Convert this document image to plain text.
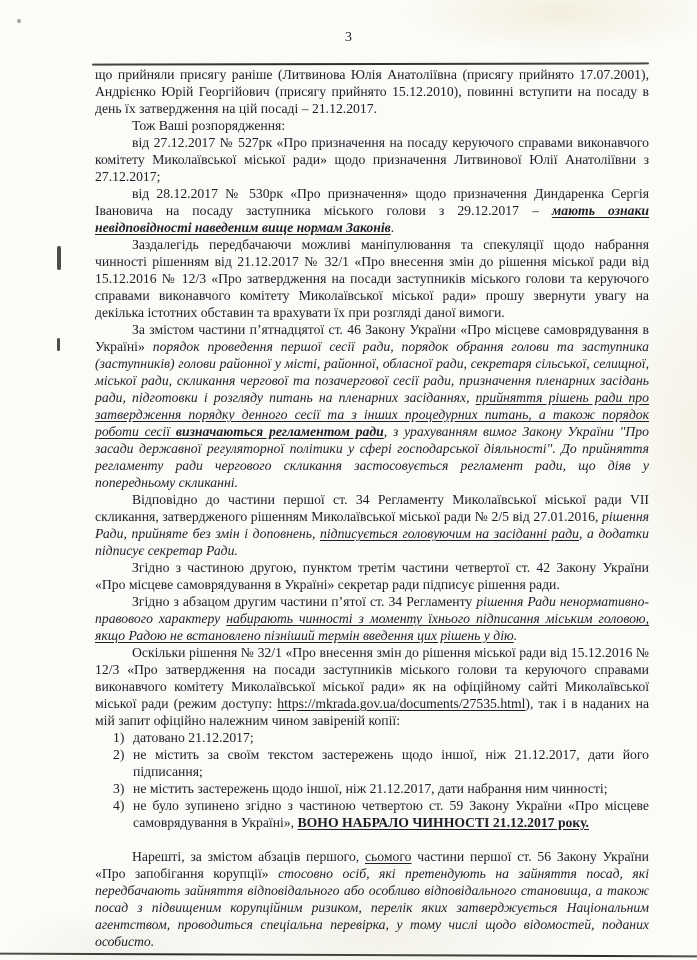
3

що прийняли присягу раніше (Литвинова Юлія Анатоліївна (присягу прийнято 17.07.2001), Андрієнко Юрій Георгійович (присягу прийнято 15.12.2010), повинні вступити на посаду в день їх затвердження на цій посаді – 21.12.2017.

Тож Ваші розпорядження:

від 27.12.2017 № 527рк «Про призначення на посаду керуючого справами виконавчого комітету Миколаївської міської ради» щодо призначення Литвинової Юлії Анатоліївни з 27.12.2017;

від 28.12.2017 № 530рк «Про призначення» щодо призначення Диндаренка Сергія Івановича на посаду заступника міського голови з 29.12.2017 – мають ознаки невідповідності наведеним вище нормам Законів.

Заздалегідь передбачаючи можливі маніпулювання та спекуляції щодо набрання чинності рішенням від 21.12.2017 № 32/1 «Про внесення змін до рішення міської ради від 15.12.2016 № 12/3 «Про затвердження на посади заступників міського голови та керуючого справами виконавчого комітету Миколаївської міської ради» прошу звернути увагу на декілька істотних обставин та врахувати їх при розгляді даної вимоги.

За змістом частини п’ятнадцятої ст. 46 Закону України «Про місцеве самоврядування в Україні» порядок проведення першої сесії ради, порядок обрання голови та заступника (заступників) голови районної у місті, районної, обласної ради, секретаря сільської, селищної, міської ради, скликання чергової та позачергової сесії ради, призначення пленарних засідань ради, підготовки і розгляду питань на пленарних засіданнях, прийняття рішень ради про затвердження порядку денного сесії та з інших процедурних питань, а також порядок роботи сесії визначаються регламентом ради, з урахуванням вимог Закону України "Про засади державної регуляторної політики у сфері господарської діяльності". До прийняття регламенту ради чергового скликання застосовується регламент ради, що діяв у попередньому скликанні.

Відповідно до частини першої ст. 34 Регламенту Миколаївської міської ради VII скликання, затвердженого рішенням Миколаївської міської ради № 2/5 від 27.01.2016, рішення Ради, прийняте без змін і доповнень, підписується головуючим на засіданні ради, а додатки підписує секретар Ради.

Згідно з частиною другою, пунктом третім частини четвертої ст. 42 Закону України «Про місцеве самоврядування в Україні» секретар ради підписує рішення ради.

Згідно з абзацом другим частини п’ятої ст. 34 Регламенту рішення Ради ненормативно-правового характеру набирають чинності з моменту їхнього підписання міським головою, якщо Радою не встановлено пізніший термін введення цих рішень у дію.

Оскільки рішення № 32/1 «Про внесення змін до рішення міської ради від 15.12.2016 № 12/3 «Про затвердження на посади заступників міського голови та керуючого справами виконавчого комітету Миколаївської міської ради» як на офіційному сайті Миколаївської міської ради (режим доступу: https://mkrada.gov.ua/documents/27535.html), так і в наданих на мій запит офіційно належним чином завіреній копії:

1) датовано 21.12.2017;
2) не містить за своїм текстом застережень щодо іншої, ніж 21.12.2017, дати його підписання;
3) не містить застережень щодо іншої, ніж 21.12.2017, дати набрання ним чинності;
4) не було зупинено згідно з частиною четвертою ст. 59 Закону України «Про місцеве самоврядування в Україні», ВОНО НАБРАЛО ЧИННОСТІ 21.12.2017 року.

Нарешті, за змістом абзаців першого, сьомого частини першої ст. 56 Закону України «Про запобігання корупції» стосовно осіб, які претендують на зайняття посад, які передбачають зайняття відповідального або особливо відповідального становища, а також посад з підвищеним корупційним ризиком, перелік яких затверджується Національним агентством, проводиться спеціальна перевірка, у тому числі щодо відомостей, поданих особисто.
